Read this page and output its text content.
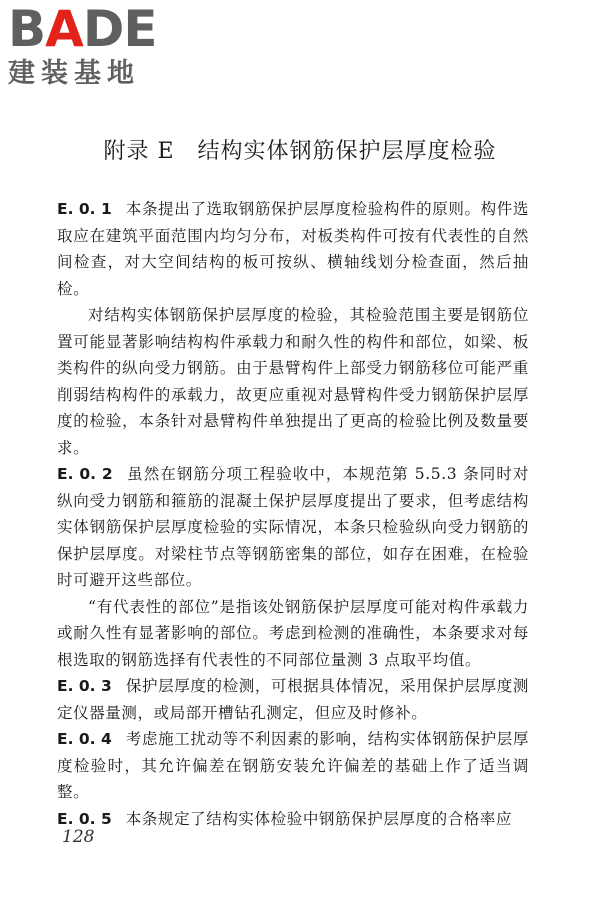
BADE
建装基地
附录 E　结构实体钢筋保护层厚度检验

E. 0. 1 本条提出了选取钢筋保护层厚度检验构件的原则。构件选取应在建筑平面范围内均匀分布，对板类构件可按有代表性的自然间检查，对大空间结构的板可按纵、横轴线划分检查面，然后抽检。

对结构实体钢筋保护层厚度的检验，其检验范围主要是钢筋位置可能显著影响结构构件承载力和耐久性的构件和部位，如梁、板类构件的纵向受力钢筋。由于悬臂构件上部受力钢筋移位可能严重削弱结构构件的承载力，故更应重视对悬臂构件受力钢筋保护层厚度的检验，本条针对悬臂构件单独提出了更高的检验比例及数量要求。

E. 0. 2 虽然在钢筋分项工程验收中，本规范第 5.5.3 条同时对纵向受力钢筋和箍筋的混凝土保护层厚度提出了要求，但考虑结构实体钢筋保护层厚度检验的实际情况，本条只检验纵向受力钢筋的保护层厚度。对梁柱节点等钢筋密集的部位，如存在困难，在检验时可避开这些部位。

“有代表性的部位”是指该处钢筋保护层厚度可能对构件承载力或耐久性有显著影响的部位。考虑到检测的准确性，本条要求对每根选取的钢筋选择有代表性的不同部位量测 3 点取平均值。

E. 0. 3 保护层厚度的检测，可根据具体情况，采用保护层厚度测定仪器量测，或局部开槽钻孔测定，但应及时修补。

E. 0. 4 考虑施工扰动等不利因素的影响，结构实体钢筋保护层厚度检验时，其允许偏差在钢筋安装允许偏差的基础上作了适当调整。

E. 0. 5 本条规定了结构实体检验中钢筋保护层厚度的合格率应

128
